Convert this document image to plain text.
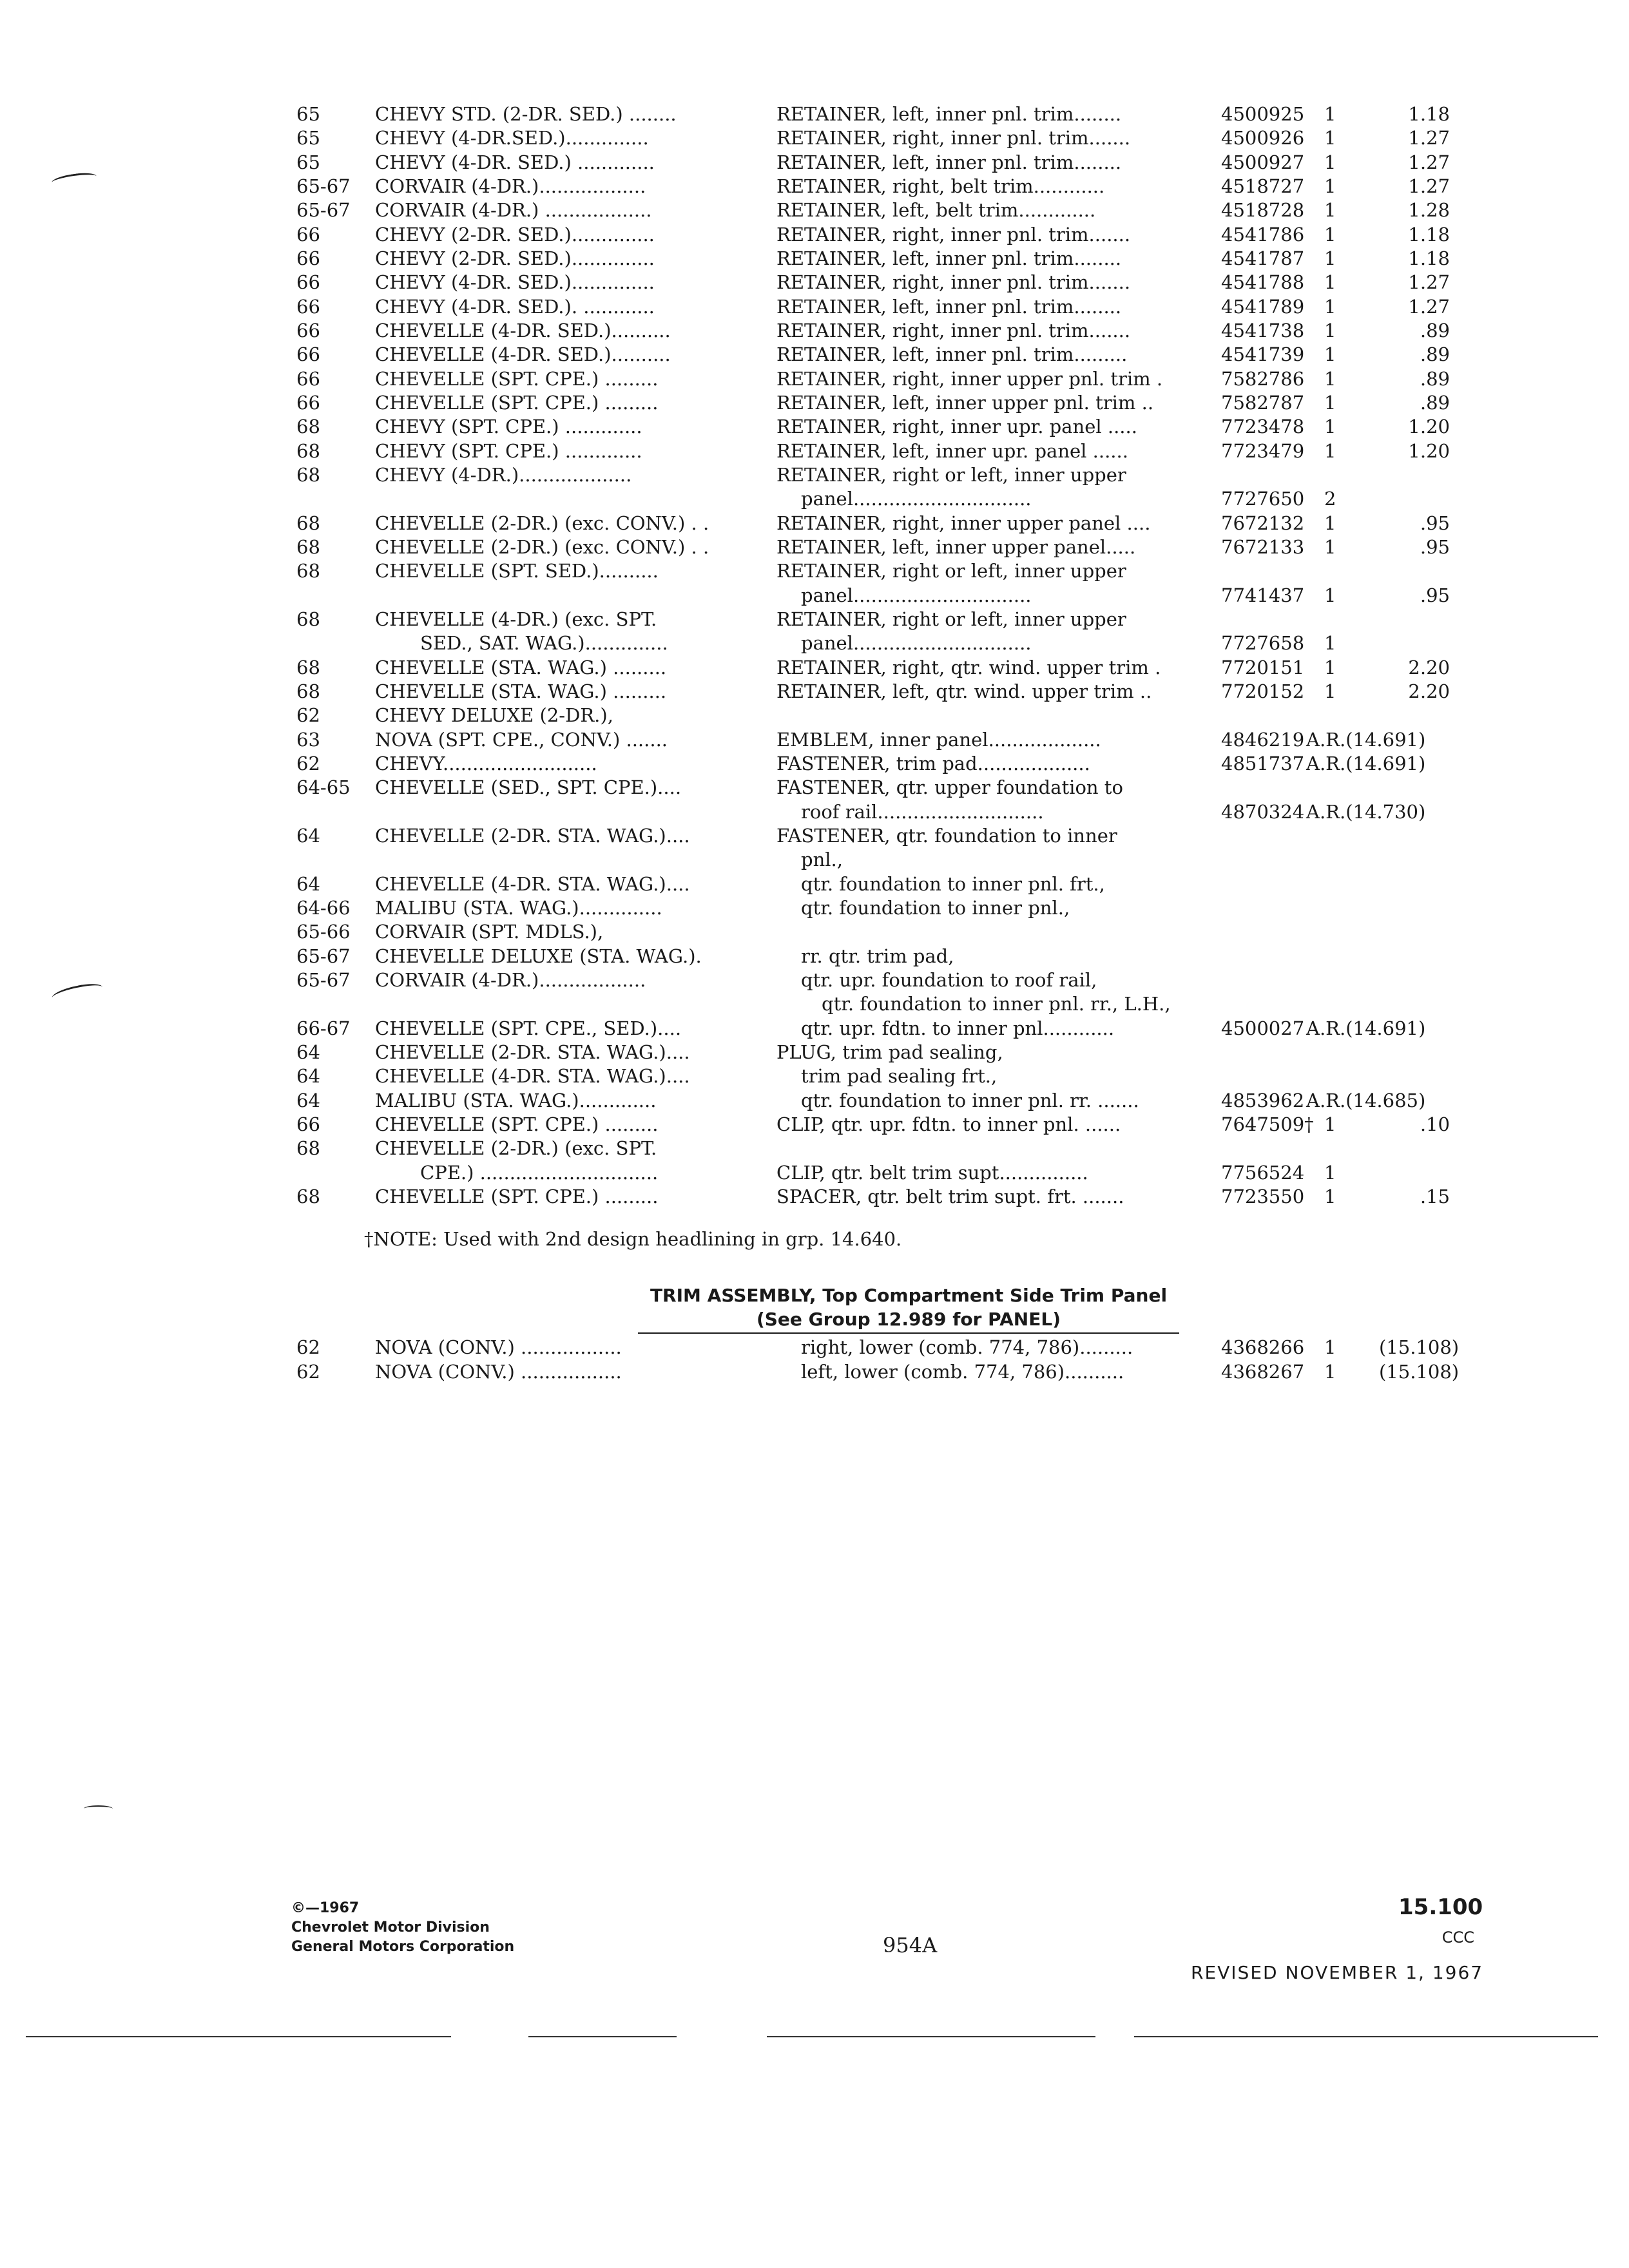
65	CHEVY STD. (2-DR. SED.) ........	RETAINER, left, inner pnl. trim........	4500925	1	1.18
65	CHEVY (4-DR.SED.)..............	RETAINER, right, inner pnl. trim.......	4500926	1	1.27
65	CHEVY (4-DR. SED.) .............	RETAINER, left, inner pnl. trim........	4500927	1	1.27
65-67	CORVAIR (4-DR.)..................	RETAINER, right, belt trim............	4518727	1	1.27
65-67	CORVAIR (4-DR.) ..................	RETAINER, left, belt trim.............	4518728	1	1.28
66	CHEVY (2-DR. SED.)..............	RETAINER, right, inner pnl. trim.......	4541786	1	1.18
66	CHEVY (2-DR. SED.)..............	RETAINER, left, inner pnl. trim........	4541787	1	1.18
66	CHEVY (4-DR. SED.)..............	RETAINER, right, inner pnl. trim.......	4541788	1	1.27
66	CHEVY (4-DR. SED.). ............	RETAINER, left, inner pnl. trim........	4541789	1	1.27
66	CHEVELLE (4-DR. SED.)..........	RETAINER, right, inner pnl. trim.......	4541738	1	.89
66	CHEVELLE (4-DR. SED.)..........	RETAINER, left, inner pnl. trim.........	4541739	1	.89
66	CHEVELLE (SPT. CPE.) .........	RETAINER, right, inner upper pnl. trim .	7582786	1	.89
66	CHEVELLE (SPT. CPE.) .........	RETAINER, left, inner upper pnl. trim ..	7582787	1	.89
68	CHEVY (SPT. CPE.) .............	RETAINER, right, inner upr. panel .....	7723478	1	1.20
68	CHEVY (SPT. CPE.) .............	RETAINER, left, inner upr. panel ......	7723479	1	1.20
68	CHEVY (4-DR.)...................	RETAINER, right or left, inner upper
panel..............................	7727650	2
68	CHEVELLE (2-DR.) (exc. CONV.) . .	RETAINER, right, inner upper panel ....	7672132	1	.95
68	CHEVELLE (2-DR.) (exc. CONV.) . .	RETAINER, left, inner upper panel.....	7672133	1	.95
68	CHEVELLE (SPT. SED.)..........	RETAINER, right or left, inner upper
panel..............................	7741437	1	.95
68	CHEVELLE (4-DR.) (exc. SPT.	RETAINER, right or left, inner upper
SED., SAT. WAG.)..............	panel..............................	7727658	1
68	CHEVELLE (STA. WAG.) .........	RETAINER, right, qtr. wind. upper trim .	7720151	1	2.20
68	CHEVELLE (STA. WAG.) .........	RETAINER, left, qtr. wind. upper trim ..	7720152	1	2.20
62	CHEVY DELUXE (2-DR.),
63	NOVA (SPT. CPE., CONV.) .......	EMBLEM, inner panel...................	4846219 A.R.(14.691)
62	CHEVY..........................	FASTENER, trim pad...................	4851737 A.R.(14.691)
64-65	CHEVELLE (SED., SPT. CPE.)....	FASTENER, qtr. upper foundation to
roof rail............................	4870324 A.R.(14.730)
64	CHEVELLE (2-DR. STA. WAG.)....	FASTENER, qtr. foundation to inner
pnl.,
64	CHEVELLE (4-DR. STA. WAG.)....	qtr. foundation to inner pnl. frt.,
64-66	MALIBU (STA. WAG.)..............	qtr. foundation to inner pnl.,
65-66	CORVAIR (SPT. MDLS.),
65-67	CHEVELLE DELUXE (STA. WAG.).	rr. qtr. trim pad,
65-67	CORVAIR (4-DR.)..................	qtr. upr. foundation to roof rail,
qtr. foundation to inner pnl. rr., L.H.,
66-67	CHEVELLE (SPT. CPE., SED.)....	qtr. upr. fdtn. to inner pnl............	4500027 A.R.(14.691)
64	CHEVELLE (2-DR. STA. WAG.)....	PLUG, trim pad sealing,
64	CHEVELLE (4-DR. STA. WAG.)....	trim pad sealing frt.,
64	MALIBU (STA. WAG.).............	qtr. foundation to inner pnl. rr. .......	4853962 A.R.(14.685)
66	CHEVELLE (SPT. CPE.) .........	CLIP, qtr. upr. fdtn. to inner pnl. ......	7647509† 1	.10
68	CHEVELLE (2-DR.) (exc. SPT.
CPE.) ..............................	CLIP, qtr. belt trim supt...............	7756524	1
68	CHEVELLE (SPT. CPE.) .........	SPACER, qtr. belt trim supt. frt. .......	7723550	1	.15
†NOTE: Used with 2nd design headlining in grp. 14.640.
TRIM ASSEMBLY, Top Compartment Side Trim Panel
(See Group 12.989 for PANEL)
62	NOVA (CONV.) .................	right, lower (comb. 774, 786).........	4368266	1	(15.108)
62	NOVA (CONV.) .................	left, lower (comb. 774, 786)..........	4368267	1	(15.108)
©—1967
Chevrolet Motor Division
General Motors Corporation	954A
15.100
CCC
REVISED NOVEMBER 1, 1967
